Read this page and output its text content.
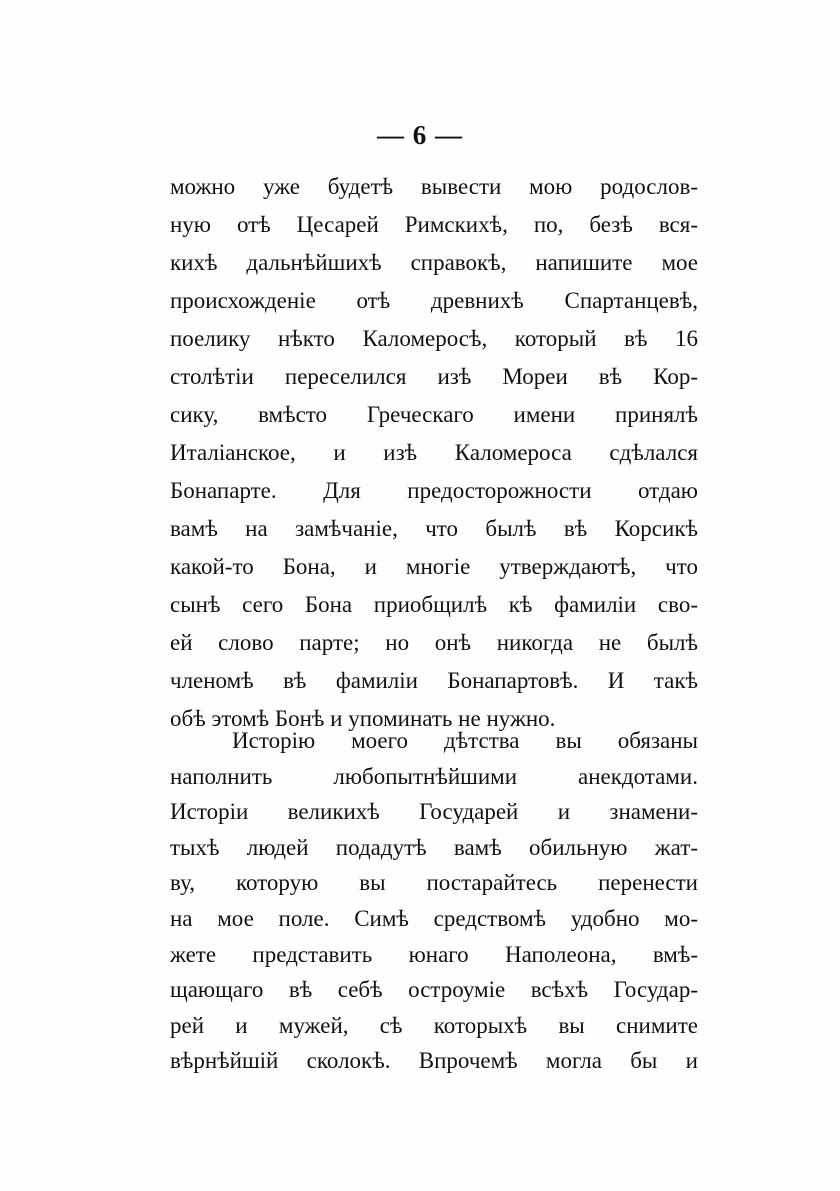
— 6 —
можно уже будетѣ вывести мою родослов-
ную отѣ Цесарей Римскихѣ, по, безѣ вся-
кихѣ дальнѣйшихѣ справокѣ, напишите мое
происхожденіе отѣ древнихѣ Спартанцевѣ,
поелику нѣкто Каломеросѣ, который вѣ 16
столѣтіи переселился изѣ Мореи вѣ Кор-
сику, вмѣсто Греческаго имени принялѣ
Италіанское, и изѣ Каломероса сдѣлался
Бонапарте. Для предосторожности отдаю
вамѣ на замѣчаніе, что былѣ вѣ Корсикѣ
какой-то Бона, и многіе утверждаютѣ, что
сынѣ сего Бона приобщилѣ кѣ фамиліи сво-
ей слово парте; но онѣ никогда не былѣ
членомѣ вѣ фамиліи Бонапартовѣ. И такѣ
обѣ этомѣ Бонѣ и упоминать не нужно.
Исторію моего дѣтства вы обязаны
наполнить любопытнѣйшими анекдотами.
Исторіи великихѣ Государей и знамени-
тыхѣ людей подадутѣ вамѣ обильную жат-
ву, которую вы постарайтесь перенести
на мое поле. Симѣ средствомѣ удобно мо-
жете представить юнаго Наполеона, вмѣ-
щающаго вѣ себѣ остроуміе всѣхѣ Государ-
рей и мужей, сѣ которыхѣ вы снимите
вѣрнѣйшій сколокѣ. Впрочемѣ могла бы и
